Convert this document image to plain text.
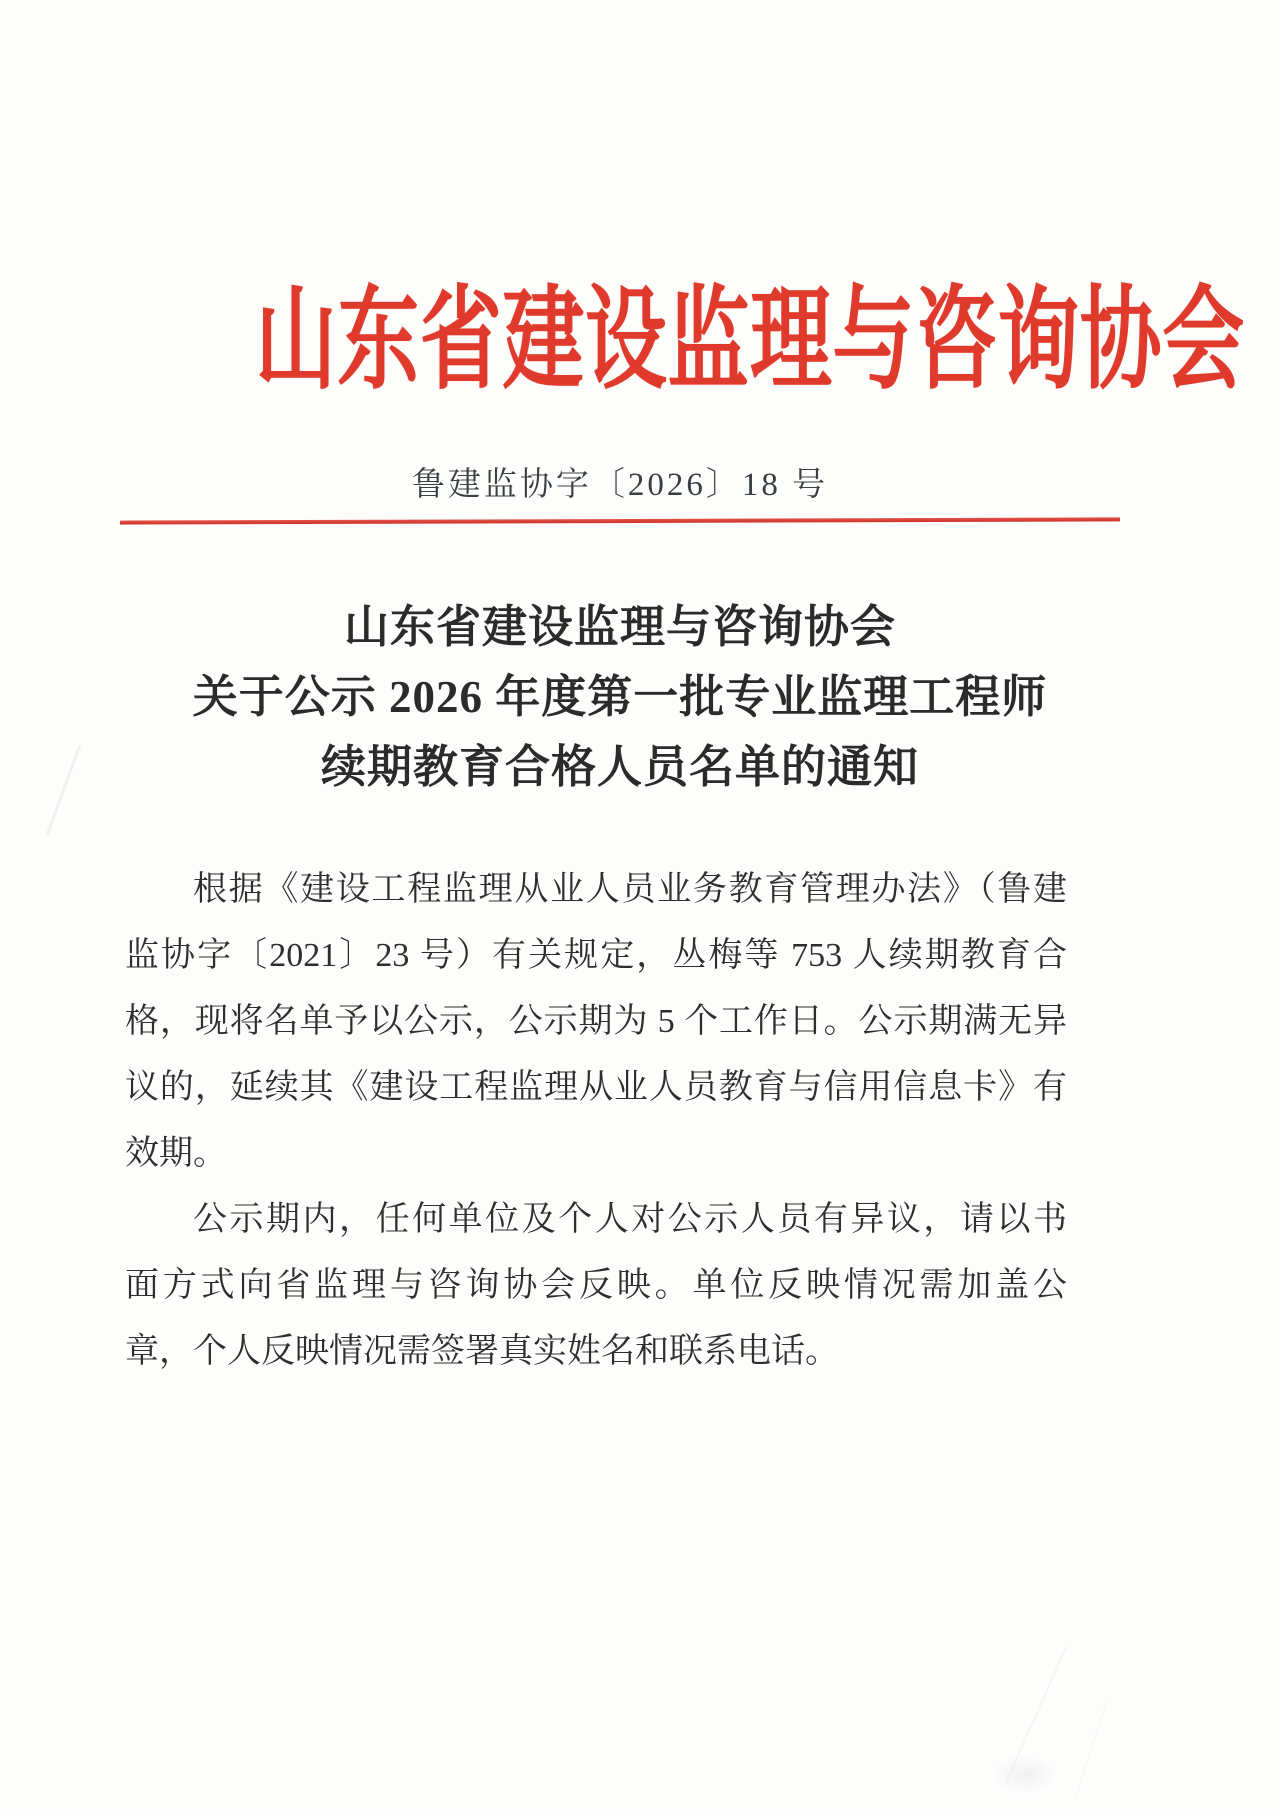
山东省建设监理与咨询协会
鲁建监协字〔2026〕18 号
山东省建设监理与咨询协会
关于公示 2026 年度第一批专业监理工程师
续期教育合格人员名单的通知
根据《建设工程监理从业人员业务教育管理办法》（鲁建
监协字〔2021〕23 号）有关规定，丛梅等 753 人续期教育合
格，现将名单予以公示，公示期为 5 个工作日。公示期满无异
议的，延续其《建设工程监理从业人员教育与信用信息卡》有
效期。
公示期内，任何单位及个人对公示人员有异议，请以书
面方式向省监理与咨询协会反映。单位反映情况需加盖公
章，个人反映情况需签署真实姓名和联系电话。
